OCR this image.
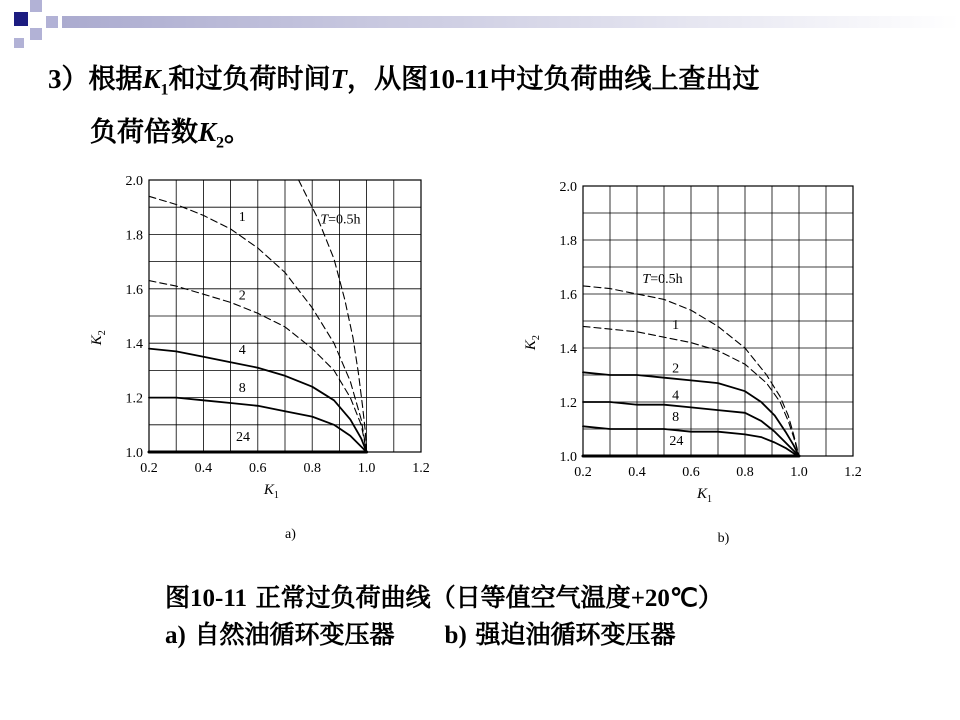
3）根据$K_1$和过负荷时间T，从图10-11中过负荷曲线上查出过
负荷倍数$K_2$。
0.2	0.4	0.6	0.8	1.0	1.2
1.0
1.2
1.4
1.6
1.8
2.0
$K_1$
$K_2$
a)
T=0.5h
1
2
4
8
24
0.2	0.4	0.6	0.8	1.0	1.2
1.0
1.2
1.4
1.6
1.8
2.0
$K_1$
$K_2$
b)
T=0.5h
1
2
4
8
24
图10-11 正常过负荷曲线（日等值空气温度+20℃）
a) 自然油循环变压器 b) 强迫油循环变压器
